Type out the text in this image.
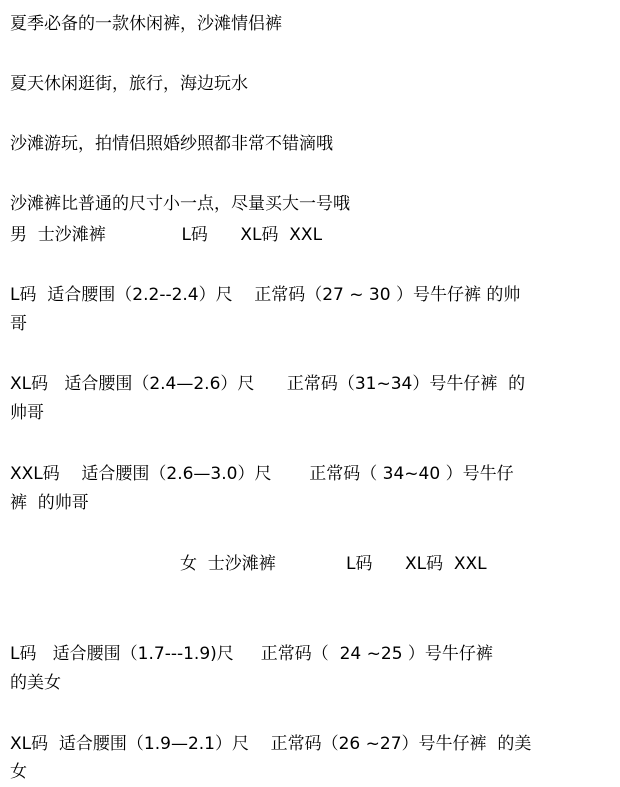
夏季必备的一款休闲裤，沙滩情侣裤
夏天休闲逛街，旅行，海边玩水
沙滩游玩，拍情侣照婚纱照都非常不错滴哦
沙滩裤比普通的尺寸小一点，尽量买大一号哦
男  士沙滩裤              L码      XL码  XXL
L码  适合腰围（2.2--2.4）尺    正常码（27 ~ 30 ）号牛仔裤 的帅
哥
XL码   适合腰围（2.4—2.6）尺      正常码（31~34）号牛仔裤  的
帅哥
XXL码    适合腰围（2.6—3.0）尺       正常码（ 34~40 ）号牛仔
裤  的帅哥
女  士沙滩裤             L码      XL码  XXL
L码   适合腰围（1.7---1.9)尺     正常码（  24 ~25 ）号牛仔裤
的美女
XL码  适合腰围（1.9—2.1）尺    正常码（26 ~27）号牛仔裤  的美
女
